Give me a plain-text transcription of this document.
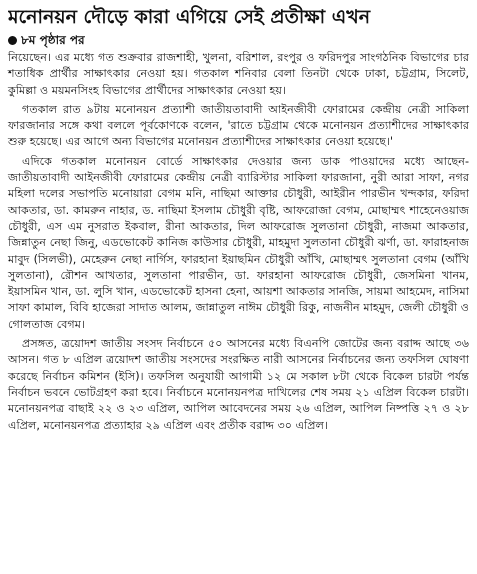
মনোনয়ন দৌড়ে কারা এগিয়ে সেই প্রতীক্ষা এখন
৮ম পৃষ্ঠার পর

নিয়েছেন। এর মধ্যে গত শুক্রবার রাজশাহী, খুলনা, বরিশাল, রংপুর ও ফরিদপুর সাংগঠনিক বিভাগের চার শতাধিক প্রার্থীর সাক্ষাৎকার নেওয়া হয়। গতকাল শনিবার বেলা তিনটা থেকে ঢাকা, চট্টগ্রাম, সিলেট, কুমিল্লা ও ময়মনসিংহ বিভাগের প্রার্থীদের সাক্ষাৎকার নেওয়া হয়।

গতকাল রাত ৯টায় মনোনয়ন প্রত্যাশী জাতীয়তাবাদী আইনজীবী ফোরামের কেন্দ্রীয় নেত্রী সাকিলা ফারজানার সঙ্গে কথা বললে পূর্বকোণকে বলেন, 'রাতে চট্টগ্রাম থেকে মনোনয়ন প্রত্যাশীদের সাক্ষাৎকার শুরু হয়েছে। এর আগে অন্য বিভাগের মনোনয়ন প্রত্যাশীদের সাক্ষাৎকার নেওয়া হয়েছে।'

এদিকে গতকাল মনোনয়ন বোর্ডে সাক্ষাৎকার দেওয়ার জন্য ডাক পাওয়াদের মধ্যে আছেন- জাতীয়তাবাদী আইনজীবী ফোরামের কেন্দ্রীয় নেত্রী ব্যারিস্টার সাকিলা ফারজানা, নুরী আরা সাফা, নগর মহিলা দলের সভাপতি মনোয়ারা বেগম মনি, নাছিমা আক্তার চৌধুরী, আইরীন পারভীন খন্দকার, ফরিদা আকতার, ডা. কামরুন নাহার, ড. নাছিমা ইসলাম চৌধুরী বৃষ্টি, আফরোজা বেগম, মোছাম্মৎ শাহেনেওয়াজ চৌধুরী, এস এম নুসরাত ইকবাল, রীনা আকতার, দিল আফরোজ সুলতানা চৌধুরী, নাজমা আকতার, জিন্নাতুন নেছা জিনু, এডভোকেট কানিজ কাউসার চৌধুরী, মাহমুদা সুলতানা চৌধুরী ঝর্ণা, ডা. ফারাহনাজ মাবুদ (সিলভী), মেহেরুন নেছা নার্গিস, ফারহানা ইয়াছমিন চৌধুরী আঁখি, মোছাম্মৎ সুলতানা বেগম (আঁখি সুলতানা), রৌশন আখতার, সুলতানা পারভীন, ডা. ফারহানা আফরোজ চৌধুরী, জেসমিনা খানম, ইয়াসমিন খান, ডা. লুসি খান, এডভোকেট হাসনা হেনা, আয়শা আকতার সানজি, সায়মা আহমেদ, নাসিমা সাফা কামাল, বিবি হাজেরা সাদাত আলম, জান্নাতুল নাঈম চৌধুরী রিকু, নাজনীন মাহমুদ, জেলী চৌধুরী ও গোলতাজ বেগম।

প্রসঙ্গত, ত্রয়োদশ জাতীয় সংসদ নির্বাচনে ৫০ আসনের মধ্যে বিএনপি জোটের জন্য বরাদ্দ আছে ৩৬ আসন। গত ৮ এপ্রিল ত্রয়োদশ জাতীয় সংসদের সংরক্ষিত নারী আসনের নির্বাচনের জন্য তফসিল ঘোষণা করেছে নির্বাচন কমিশন (ইসি)। তফসিল অনুযায়ী আগামী ১২ মে সকাল ৮টা থেকে বিকেল চারটা পর্যন্ত নির্বাচন ভবনে ভোটগ্রহণ করা হবে। নির্বাচনে মনোনয়নপত্র দাখিলের শেষ সময় ২১ এপ্রিল বিকেল চারটা। মনোনয়নপত্র বাছাই ২২ ও ২৩ এপ্রিল, আপিল আবেদনের সময় ২৬ এপ্রিল, আপিল নিষ্পত্তি ২৭ ও ২৮ এপ্রিল, মনোনয়নপত্র প্রত্যাহার ২৯ এপ্রিল এবং প্রতীক বরাদ্দ ৩০ এপ্রিল।
